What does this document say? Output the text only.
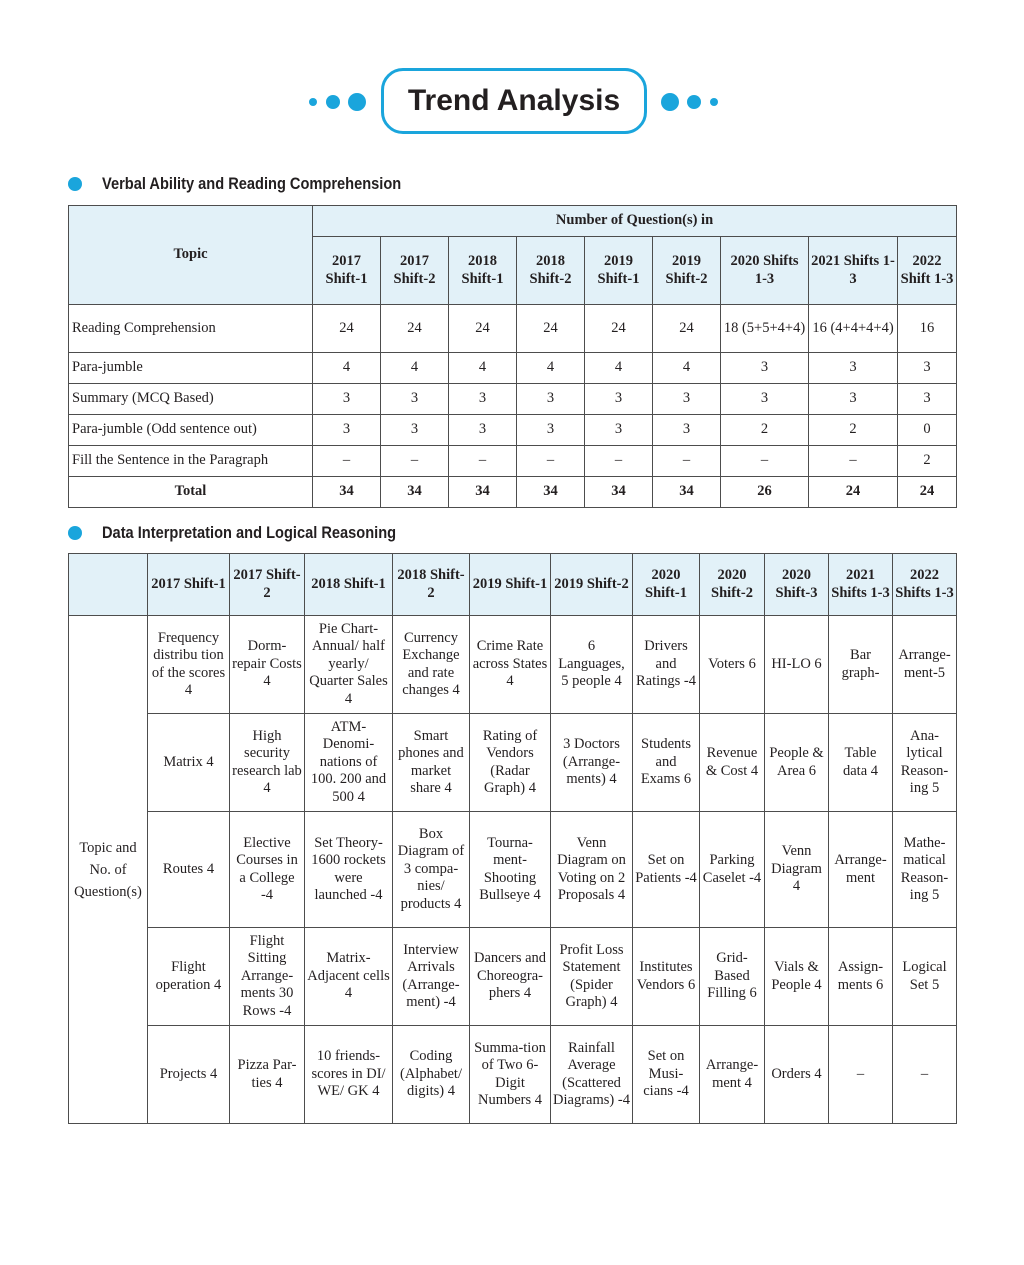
Trend Analysis
Verbal Ability and Reading Comprehension
Topic	Number of Question(s) in								
	2017 Shift-1	2017 Shift-2	2018 Shift-1	2018 Shift-2	2019 Shift-1	2019 Shift-2	2020 Shifts 1-3	2021 Shifts 1-3	2022 Shift 1-3
Reading Comprehension	24	24	24	24	24	24	18 (5+5+4+4)	16 (4+4+4+4)	16
Para-jumble	4	4	4	4	4	4	3	3	3
Summary (MCQ Based)	3	3	3	3	3	3	3	3	3
Para-jumble (Odd sentence out)	3	3	3	3	3	3	2	2	0
Fill the Sentence in the Paragraph	–	–	–	–	–	–	–	–	2
Total	34	34	34	34	34	34	26	24	24
Data Interpretation and Logical Reasoning
	2017 Shift-1	2017 Shift-2	2018 Shift-1	2018 Shift-2	2019 Shift-1	2019 Shift-2	2020 Shift-1	2020 Shift-2	2020 Shift-3	2021 Shifts 1-3	2022 Shifts 1-3
Topic and No. of Question(s)	Frequency distribu tion of the scores 4	Dorm-repair Costs 4	Pie Chart-Annual/ half yearly/ Quarter Sales 4	Currency Exchange and rate changes 4	Crime Rate across States 4	6 Languages, 5 people 4	Drivers and Ratings -4	Voters 6	HI-LO 6	Bar graph-	Arrange-ment-5
	Matrix 4	High security research lab 4	ATM-Denomi-nations of 100. 200 and 500 4	Smart phones and market share 4	Rating of Vendors (Radar Graph) 4	3 Doctors (Arrange-ments) 4	Students and Exams 6	Revenue & Cost 4	People & Area 6	Table data 4	Ana-lytical Reason-ing 5
	Routes 4	Elective Courses in a College -4	Set Theory-1600 rockets were launched -4	Box Diagram of 3 compa-nies/ products 4	Tourna-ment-Shooting Bullseye 4	Venn Diagram on Voting on 2 Proposals 4	Set on Patients -4	Parking Caselet -4	Venn Diagram 4	Arrange-ment	Mathe-matical Reason-ing 5
	Flight operation 4	Flight Sitting Arrange-ments 30 Rows -4	Matrix-Adjacent cells 4	Interview Arrivals (Arrange-ment) -4	Dancers and Choreogra-phers 4	Profit Loss Statement (Spider Graph) 4	Institutes Vendors 6	Grid-Based Filling 6	Vials & People 4	Assign-ments 6	Logical Set 5
	Projects 4	Pizza Par-ties 4	10 friends-scores in DI/ WE/ GK 4	Coding (Alphabet/ digits) 4	Summa-tion of Two 6-Digit Numbers 4	Rainfall Average (Scattered Diagrams) -4	Set on Musi-cians -4	Arrange-ment 4	Orders 4	–	–
